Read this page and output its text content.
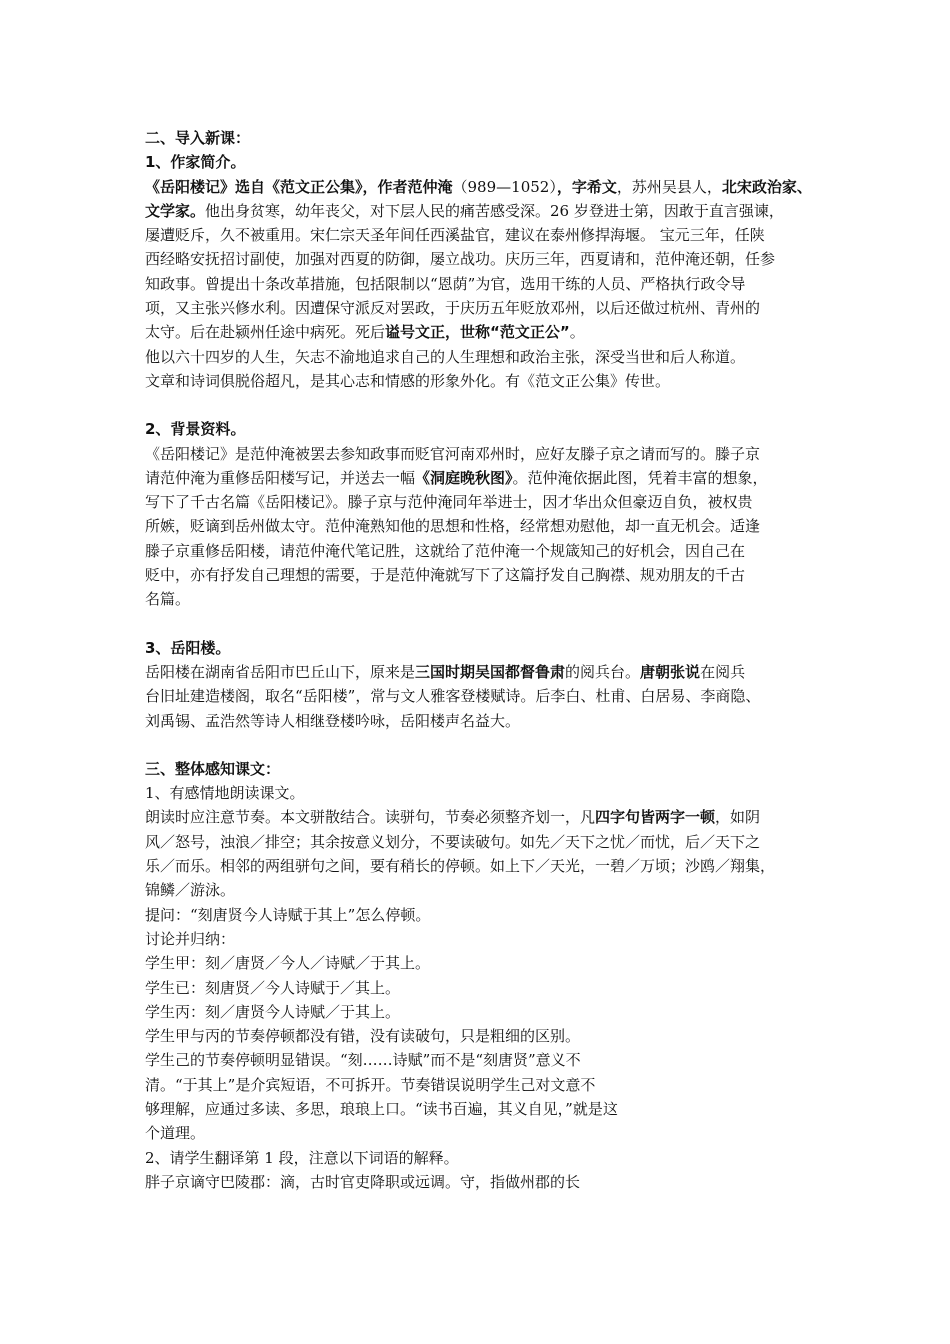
二、导入新课：
1、作家简介。
《岳阳楼记》选自《范文正公集》，作者范仲淹（989—1052），字希文，苏州吴县人，北宋政治家、
文学家。他出身贫寒，幼年丧父，对下层人民的痛苦感受深。26 岁登进士第，因敢于直言强谏，
屡遭贬斥，久不被重用。宋仁宗天圣年间任西溪盐官，建议在泰州修捍海堰。 宝元三年，任陕
西经略安抚招讨副使，加强对西夏的防御，屡立战功。庆历三年，西夏请和，范仲淹还朝，任参
知政事。曾提出十条改革措施，包括限制以“恩荫”为官，选用干练的人员、严格执行政令导
项，又主张兴修水利。因遭保守派反对罢政，于庆历五年贬放邓州，以后还做过杭州、青州的
太守。后在赴颍州任途中病死。死后谥号文正，世称“范文正公”。
他以六十四岁的人生，矢志不渝地追求自己的人生理想和政治主张，深受当世和后人称道。
文章和诗词俱脱俗超凡，是其心志和情感的形象外化。有《范文正公集》传世。
2、背景资料。
《岳阳楼记》是范仲淹被罢去参知政事而贬官河南邓州时，应好友滕子京之请而写的。滕子京
请范仲淹为重修岳阳楼写记，并送去一幅《洞庭晚秋图》。范仲淹依据此图，凭着丰富的想象，
写下了千古名篇《岳阳楼记》。滕子京与范仲淹同年举进士，因才华出众但豪迈自负，被权贵
所嫉，贬谪到岳州做太守。范仲淹熟知他的思想和性格，经常想劝慰他，却一直无机会。适逢
滕子京重修岳阳楼，请范仲淹代笔记胜，这就给了范仲淹一个规箴知己的好机会，因自己在
贬中，亦有抒发自己理想的需要，于是范仲淹就写下了这篇抒发自己胸襟、规劝朋友的千古
名篇。
3、岳阳楼。
岳阳楼在湖南省岳阳市巴丘山下，原来是三国时期吴国都督鲁肃的阅兵台。唐朝张说在阅兵
台旧址建造楼阁，取名“岳阳楼”，常与文人雅客登楼赋诗。后李白、杜甫、白居易、李商隐、
刘禹锡、孟浩然等诗人相继登楼吟咏，岳阳楼声名益大。
三、整体感知课文：
1、有感情地朗读课文。
朗读时应注意节奏。本文骈散结合。读骈句，节奏必须整齐划一，凡四字句皆两字一顿，如阴
风／怒号，浊浪／排空；其余按意义划分，不要读破句。如先／天下之忧／而忧，后／天下之
乐／而乐。相邻的两组骈句之间，要有稍长的停顿。如上下／天光，一碧／万顷；沙鸥／翔集，
锦鳞／游泳。
提问：“刻唐贤今人诗赋于其上”怎么停顿。
讨论并归纳：
学生甲：刻／唐贤／今人／诗赋／于其上。
学生已：刻唐贤／今人诗赋于／其上。
学生丙：刻／唐贤今人诗赋／于其上。
学生甲与丙的节奏停顿都没有错，没有读破句，只是粗细的区别。
学生己的节奏停顿明显错误。“刻……诗赋”而不是“刻唐贤”意义不
清。“于其上”是介宾短语，不可拆开。节奏错误说明学生己对文意不
够理解，应通过多读、多思，琅琅上口。“读书百遍，其义自见，”就是这
个道理。
2、请学生翻译第 1 段，注意以下词语的解释。
胖子京谪守巴陵郡：滴，古时官吏降职或远调。守，指做州郡的长
